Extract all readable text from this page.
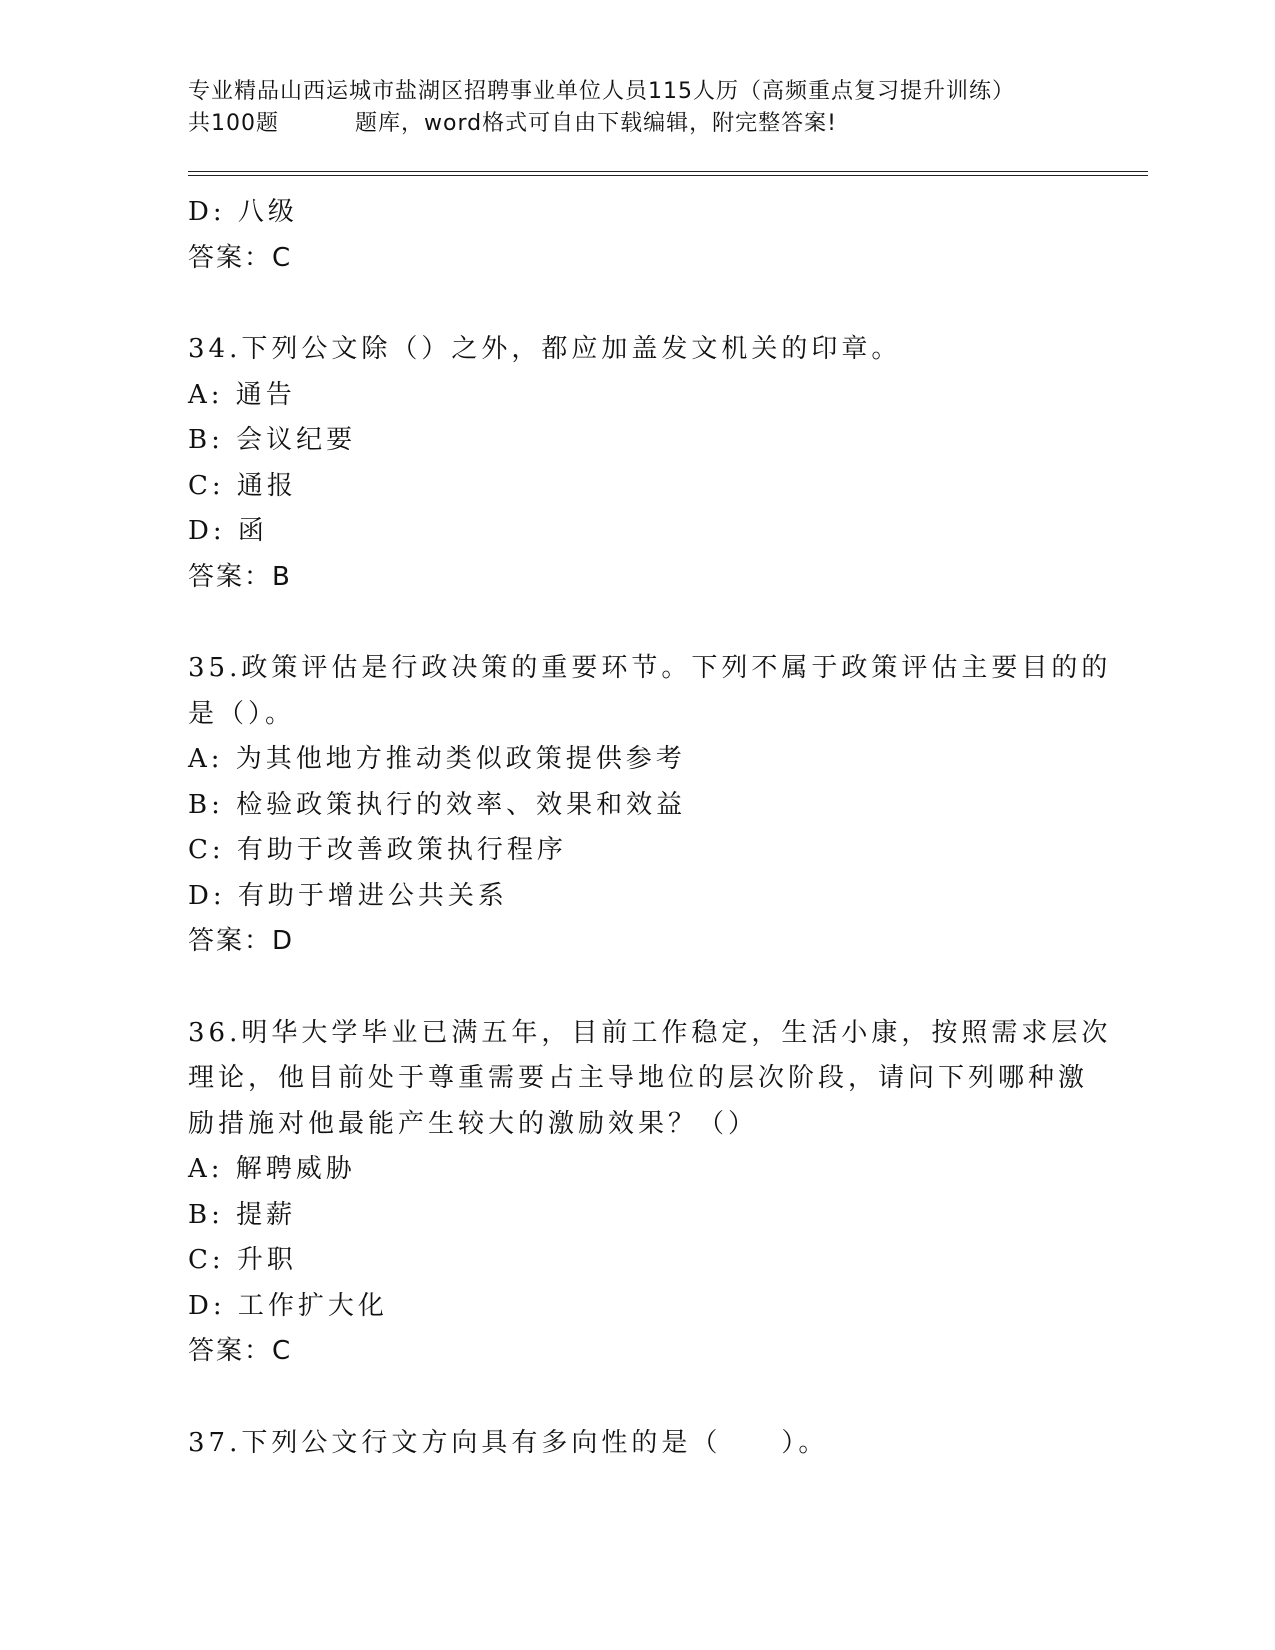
专业精品山西运城市盐湖区招聘事业单位人员115人历（高频重点复习提升训练）
共100题	题库，word格式可自由下载编辑，附完整答案!
D: 八级
答案：C
34.下列公文除（）之外，都应加盖发文机关的印章。
A: 通告
B: 会议纪要
C: 通报
D: 函
答案：B
35.政策评估是行政决策的重要环节。下列不属于政策评估主要目的的
是（）。
A: 为其他地方推动类似政策提供参考
B: 检验政策执行的效率、效果和效益
C: 有助于改善政策执行程序
D: 有助于增进公共关系
答案：D
36.明华大学毕业已满五年，目前工作稳定，生活小康，按照需求层次
理论，他目前处于尊重需要占主导地位的层次阶段，请问下列哪种激
励措施对他最能产生较大的激励效果？（）
A: 解聘威胁
B: 提薪
C: 升职
D: 工作扩大化
答案：C
37.下列公文行文方向具有多向性的是（　　）。
